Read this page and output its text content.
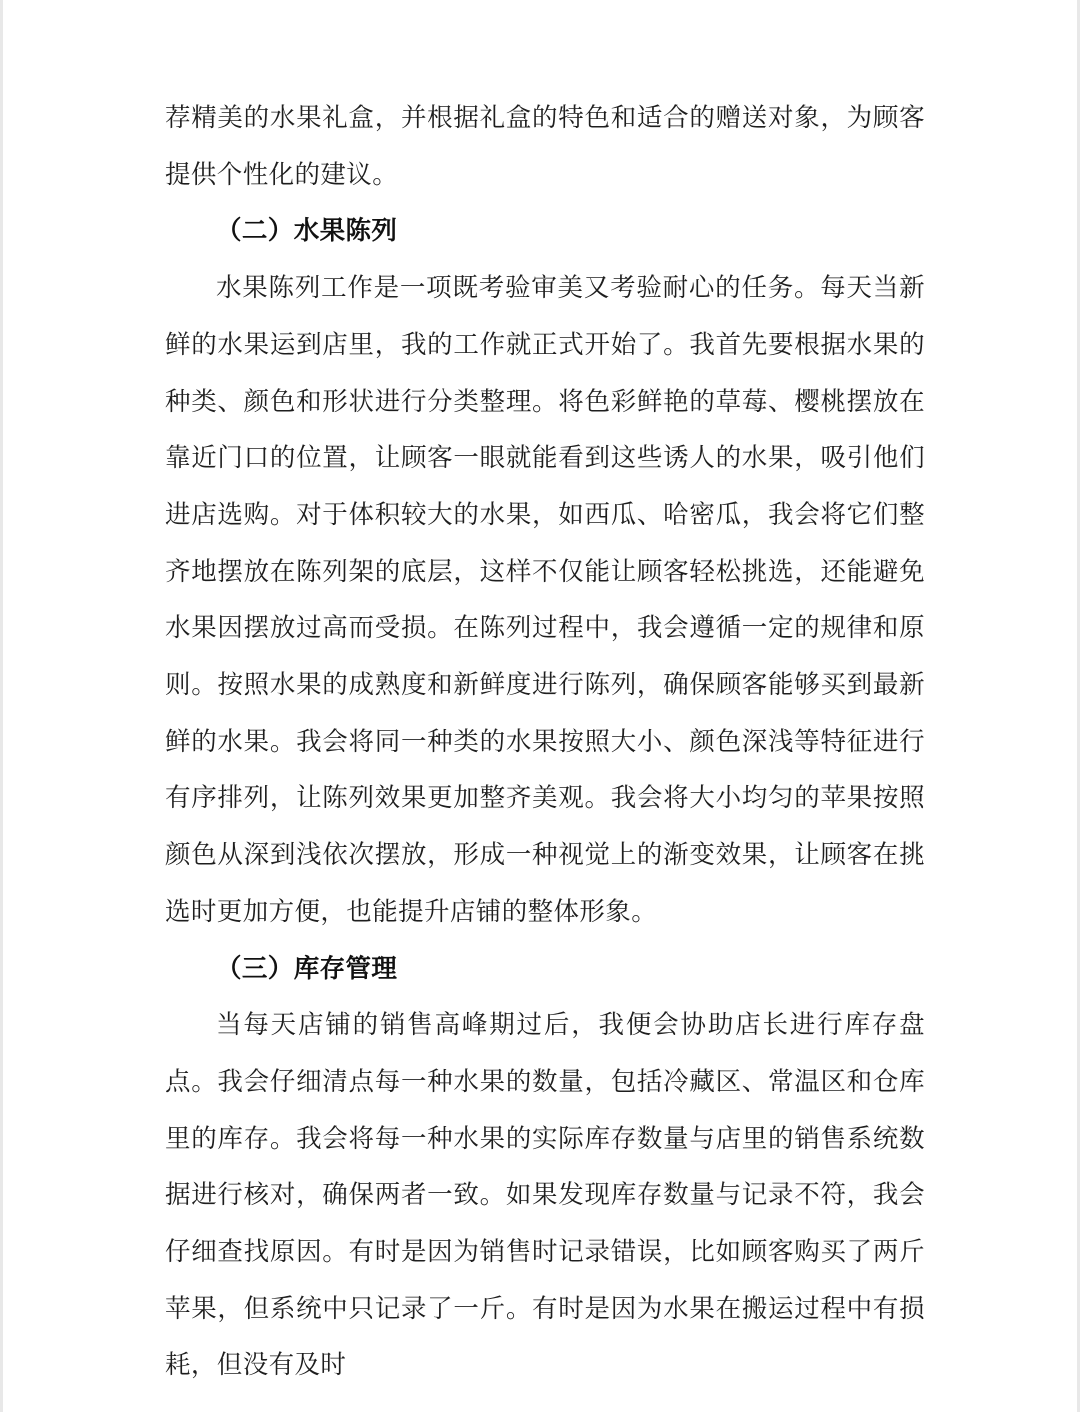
荐精美的水果礼盒，并根据礼盒的特色和适合的赠送对象，为顾客提供个性化的建议。

（二）水果陈列

水果陈列工作是一项既考验审美又考验耐心的任务。每天当新鲜的水果运到店里，我的工作就正式开始了。我首先要根据水果的种类、颜色和形状进行分类整理。将色彩鲜艳的草莓、樱桃摆放在靠近门口的位置，让顾客一眼就能看到这些诱人的水果，吸引他们进店选购。对于体积较大的水果，如西瓜、哈密瓜，我会将它们整齐地摆放在陈列架的底层，这样不仅能让顾客轻松挑选，还能避免水果因摆放过高而受损。在陈列过程中，我会遵循一定的规律和原则。按照水果的成熟度和新鲜度进行陈列，确保顾客能够买到最新鲜的水果。我会将同一种类的水果按照大小、颜色深浅等特征进行有序排列，让陈列效果更加整齐美观。我会将大小均匀的苹果按照颜色从深到浅依次摆放，形成一种视觉上的渐变效果，让顾客在挑选时更加方便，也能提升店铺的整体形象。

（三）库存管理

当每天店铺的销售高峰期过后，我便会协助店长进行库存盘点。我会仔细清点每一种水果的数量，包括冷藏区、常温区和仓库里的库存。我会将每一种水果的实际库存数量与店里的销售系统数据进行核对，确保两者一致。如果发现库存数量与记录不符，我会仔细查找原因。有时是因为销售时记录错误，比如顾客购买了两斤苹果，但系统中只记录了一斤。有时是因为水果在搬运过程中有损耗，但没有及时
